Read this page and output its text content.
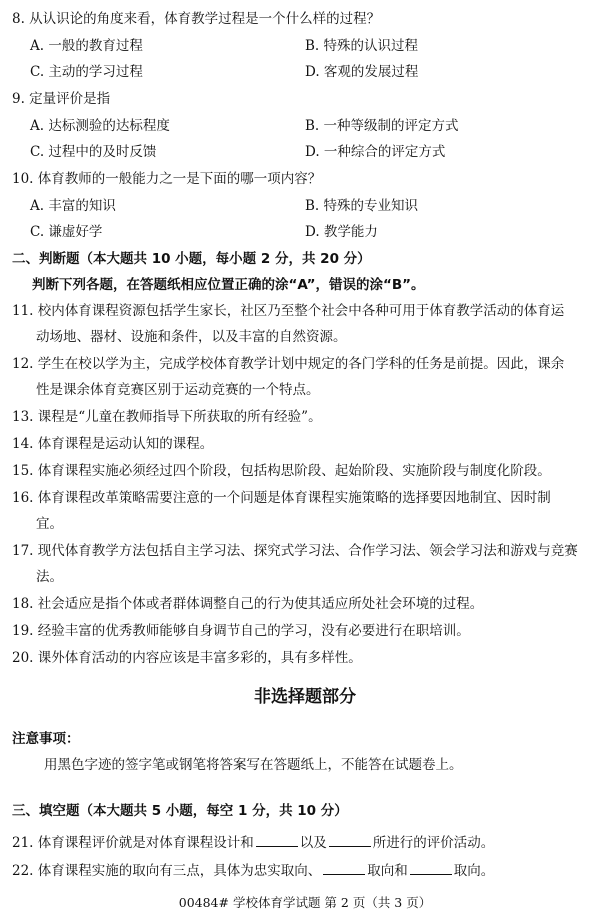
8. 从认识论的角度来看，体育教学过程是一个什么样的过程？
A. 一般的教育过程	B. 特殊的认识过程
C. 主动的学习过程	D. 客观的发展过程
9. 定量评价是指
A. 达标测验的达标程度	B. 一种等级制的评定方式
C. 过程中的及时反馈	D. 一种综合的评定方式
10. 体育教师的一般能力之一是下面的哪一项内容？
A. 丰富的知识	B. 特殊的专业知识
C. 谦虚好学	D. 教学能力
二、判断题（本大题共 10 小题，每小题 2 分，共 20 分）
判断下列各题，在答题纸相应位置正确的涂“A”，错误的涂“B”。
11. 校内体育课程资源包括学生家长，社区乃至整个社会中各种可用于体育教学活动的体育运
动场地、器材、设施和条件，以及丰富的自然资源。
12. 学生在校以学为主，完成学校体育教学计划中规定的各门学科的任务是前提。因此，课余
性是课余体育竞赛区别于运动竞赛的一个特点。
13. 课程是“儿童在教师指导下所获取的所有经验”。
14. 体育课程是运动认知的课程。
15. 体育课程实施必须经过四个阶段，包括构思阶段、起始阶段、实施阶段与制度化阶段。
16. 体育课程改革策略需要注意的一个问题是体育课程实施策略的选择要因地制宜、因时制
宜。
17. 现代体育教学方法包括自主学习法、探究式学习法、合作学习法、领会学习法和游戏与竞赛
法。
18. 社会适应是指个体或者群体调整自己的行为使其适应所处社会环境的过程。
19. 经验丰富的优秀教师能够自身调节自己的学习，没有必要进行在职培训。
20. 课外体育活动的内容应该是丰富多彩的，具有多样性。
非选择题部分
注意事项：
用黑色字迹的签字笔或钢笔将答案写在答题纸上，不能答在试题卷上。
三、填空题（本大题共 5 小题，每空 1 分，共 10 分）
21. 体育课程评价就是对体育课程设计和	以及	所进行的评价活动。
22. 体育课程实施的取向有三点，具体为忠实取向、	取向和	取向。
00484# 学校体育学试题 第 2 页（共 3 页）
